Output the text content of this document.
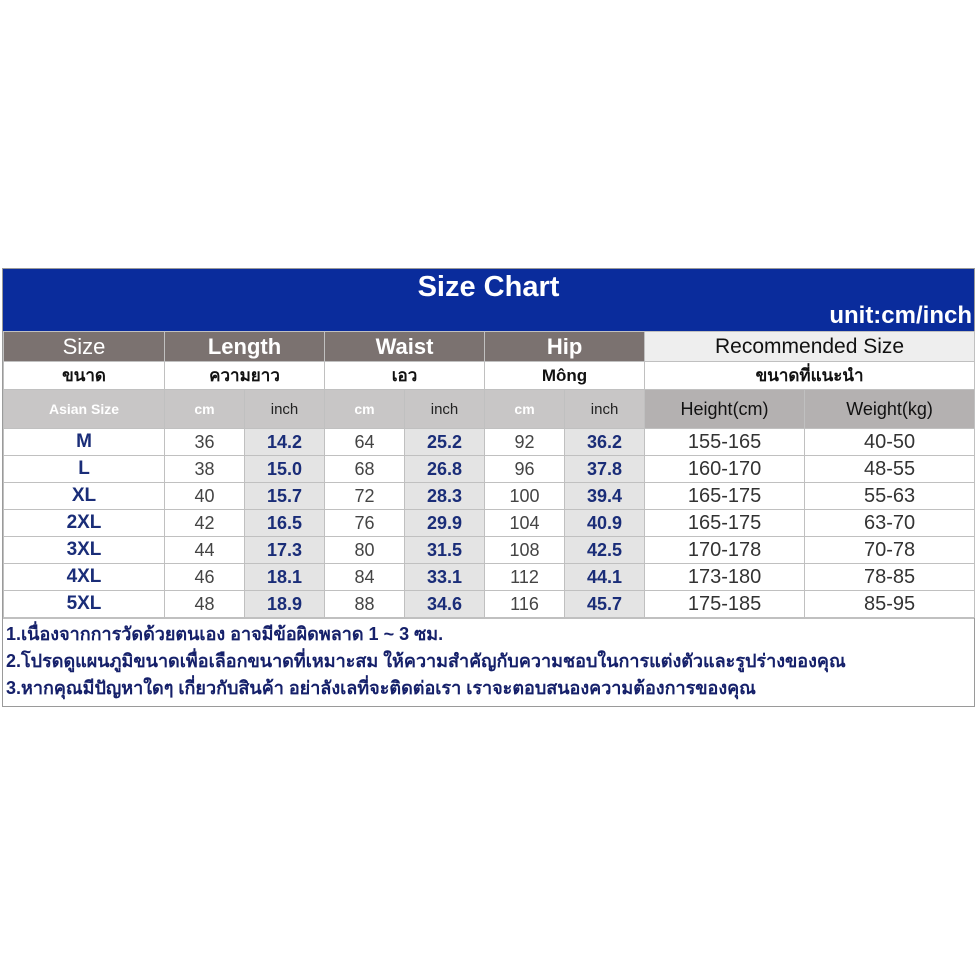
Size Chart
unit:cm/inch
Size	Length		Waist		Hip		Recommended Size	
ขนาด	ความยาว		เอว		Mông		ขนาดที่แนะนำ	
Asian Size	cm	inch	cm	inch	cm	inch	Height(cm)	Weight(kg)
M	36	14.2	64	25.2	92	36.2	155-165	40-50
L	38	15.0	68	26.8	96	37.8	160-170	48-55
XL	40	15.7	72	28.3	100	39.4	165-175	55-63
2XL	42	16.5	76	29.9	104	40.9	165-175	63-70
3XL	44	17.3	80	31.5	108	42.5	170-178	70-78
4XL	46	18.1	84	33.1	112	44.1	173-180	78-85
5XL	48	18.9	88	34.6	116	45.7	175-185	85-95
1.เนื่องจากการวัดด้วยตนเอง อาจมีข้อผิดพลาด 1 ~ 3 ซม.
2.โปรดดูแผนภูมิขนาดเพื่อเลือกขนาดที่เหมาะสม ให้ความสำคัญกับความชอบในการแต่งตัวและรูปร่างของคุณ
3.หากคุณมีปัญหาใดๆ เกี่ยวกับสินค้า อย่าลังเลที่จะติดต่อเรา เราจะตอบสนองความต้องการของคุณ
